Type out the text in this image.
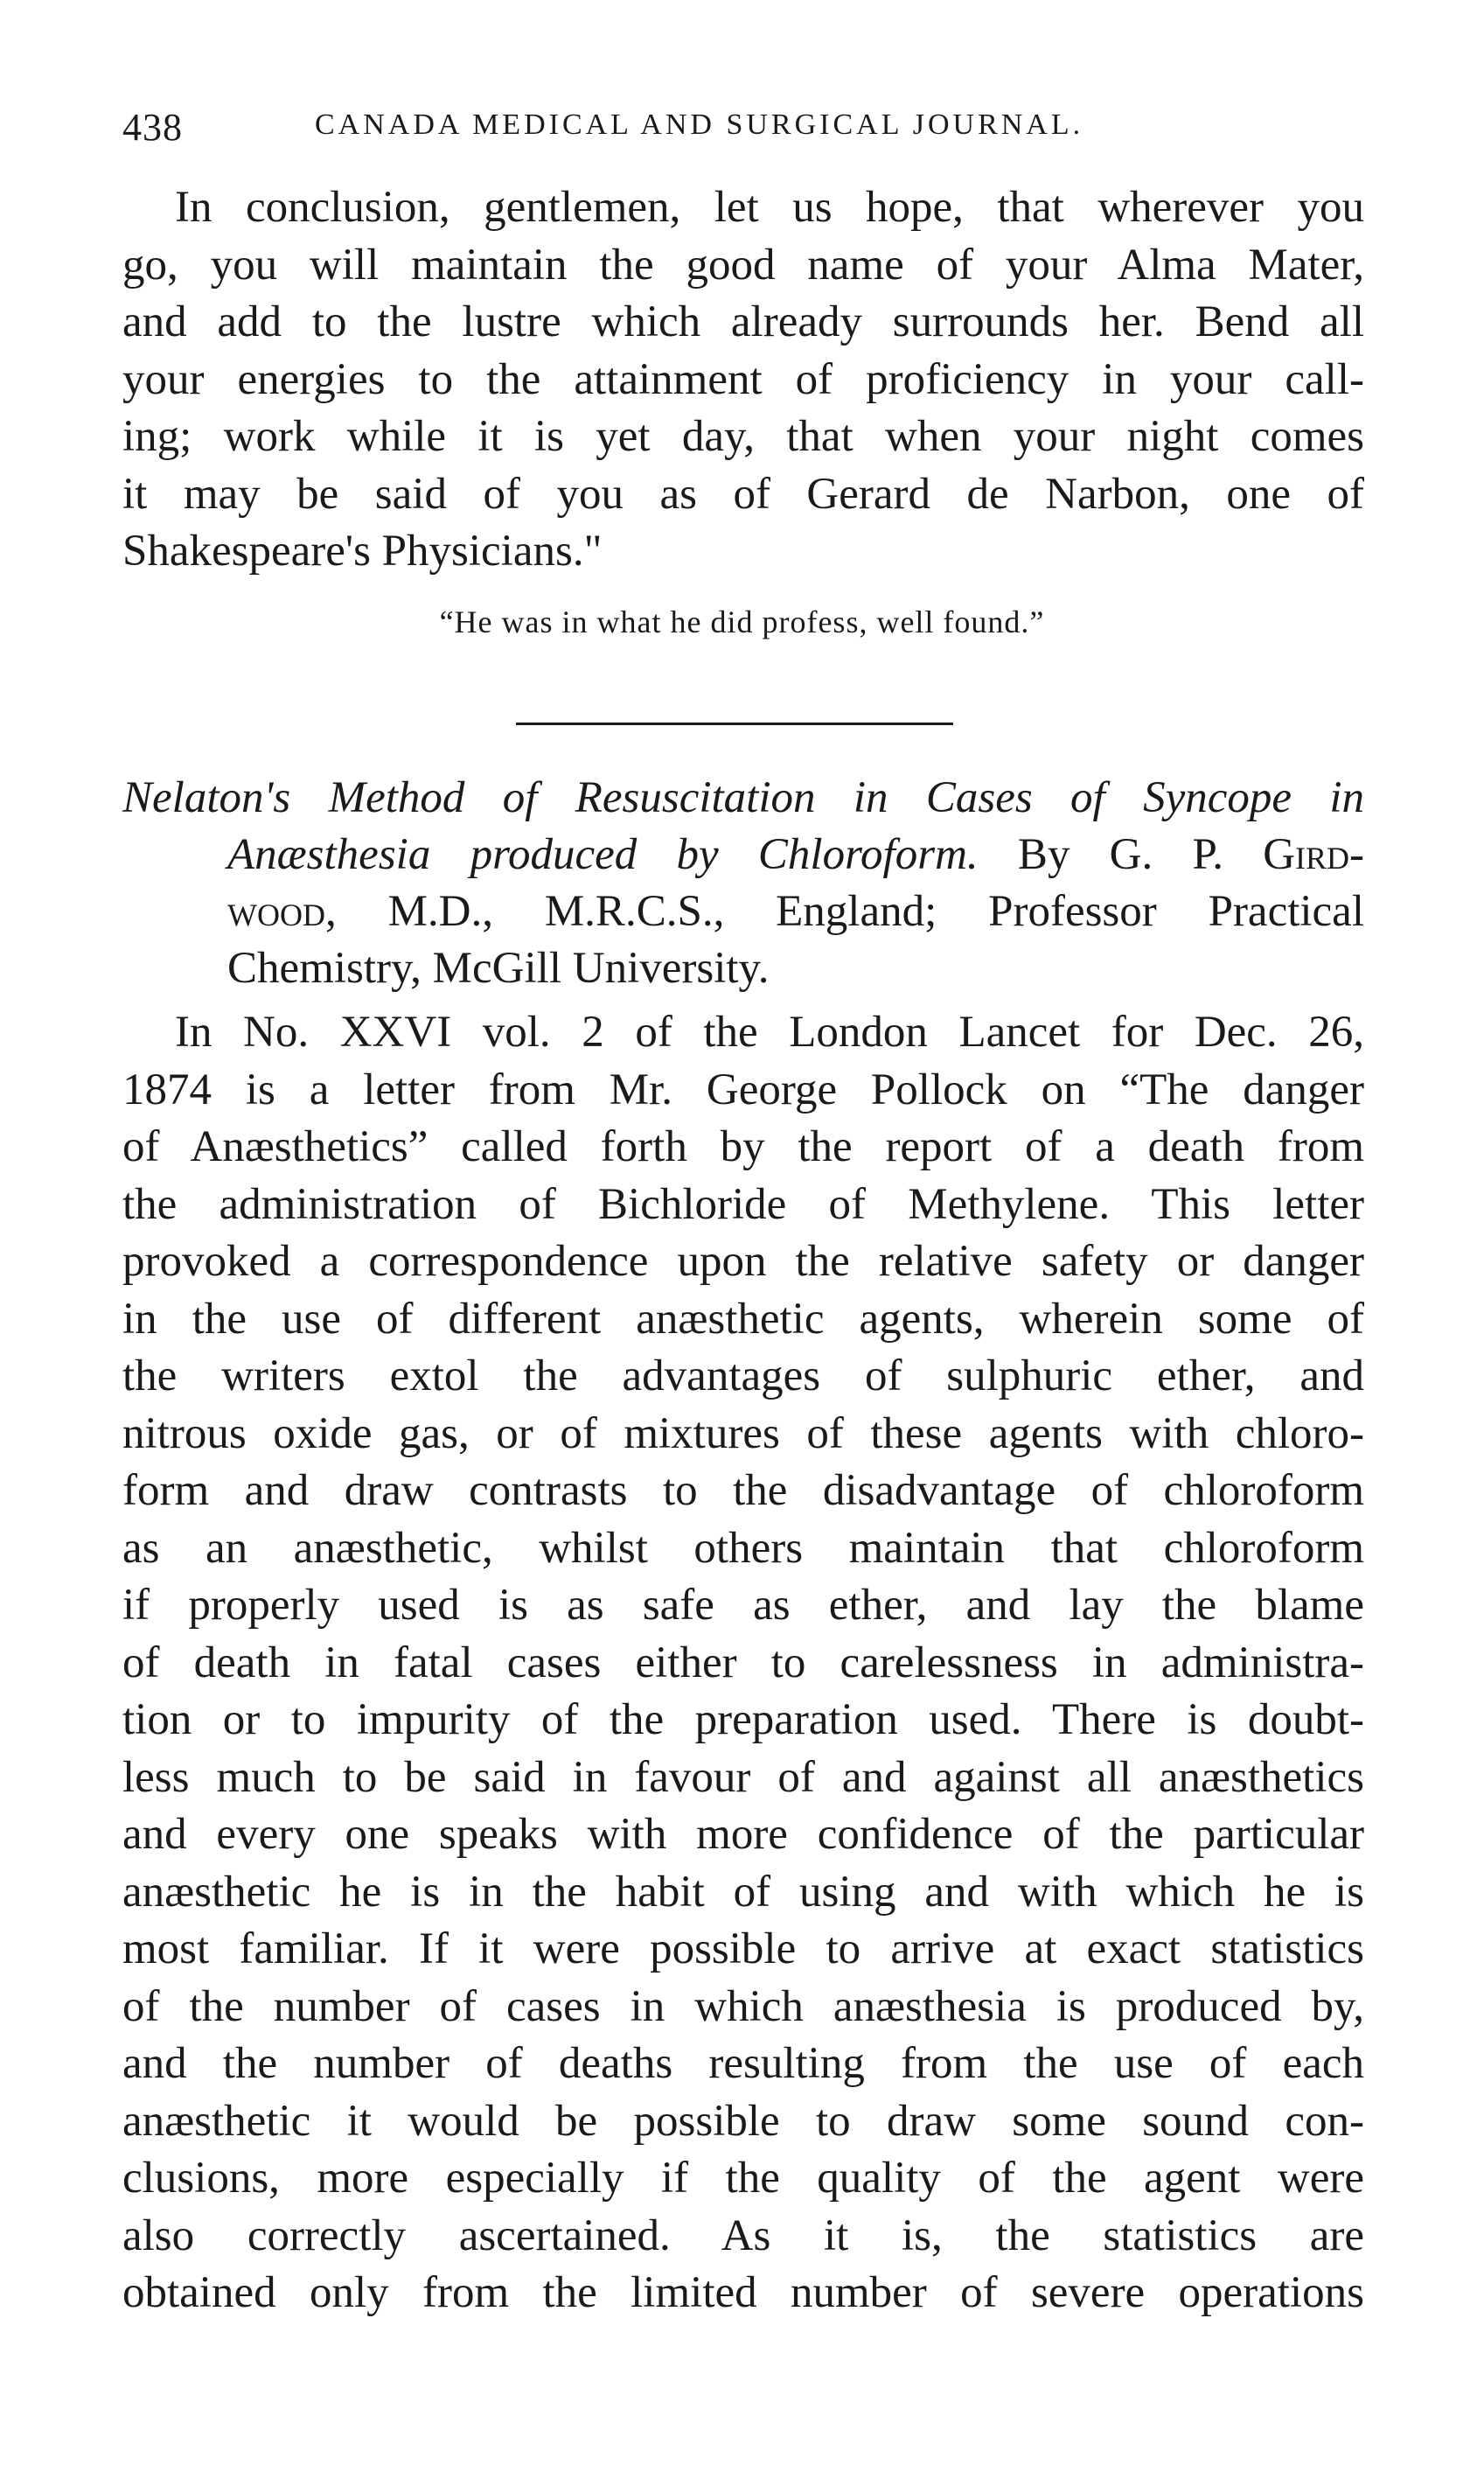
438	CANADA MEDICAL AND SURGICAL JOURNAL.
In conclusion, gentlemen, let us hope, that wherever you
go, you will maintain the good name of your Alma Mater,
and add to the lustre which already surrounds her. Bend all
your energies to the attainment of proficiency in your call-
ing; work while it is yet day, that when your night comes
it may be said of you as of Gerard de Narbon, one of
Shakespeare's Physicians."
“He was in what he did profess, well found.”
Nelaton's Method of Resuscitation in Cases of Syncope in
Anæsthesia produced by Chloroform. By G. P. Gird-
wood, M.D., M.R.C.S., England; Professor Practical
Chemistry, McGill University.
In No. XXVI vol. 2 of the London Lancet for Dec. 26,
1874 is a letter from Mr. George Pollock on “The danger
of Anæsthetics” called forth by the report of a death from
the administration of Bichloride of Methylene. This letter
provoked a correspondence upon the relative safety or danger
in the use of different anæsthetic agents, wherein some of
the writers extol the advantages of sulphuric ether, and
nitrous oxide gas, or of mixtures of these agents with chloro-
form and draw contrasts to the disadvantage of chloroform
as an anæsthetic, whilst others maintain that chloroform
if properly used is as safe as ether, and lay the blame
of death in fatal cases either to carelessness in administra-
tion or to impurity of the preparation used. There is doubt-
less much to be said in favour of and against all anæsthetics
and every one speaks with more confidence of the particular
anæsthetic he is in the habit of using and with which he is
most familiar. If it were possible to arrive at exact statistics
of the number of cases in which anæsthesia is produced by,
and the number of deaths resulting from the use of each
anæsthetic it would be possible to draw some sound con-
clusions, more especially if the quality of the agent were
also correctly ascertained. As it is, the statistics are
obtained only from the limited number of severe operations
